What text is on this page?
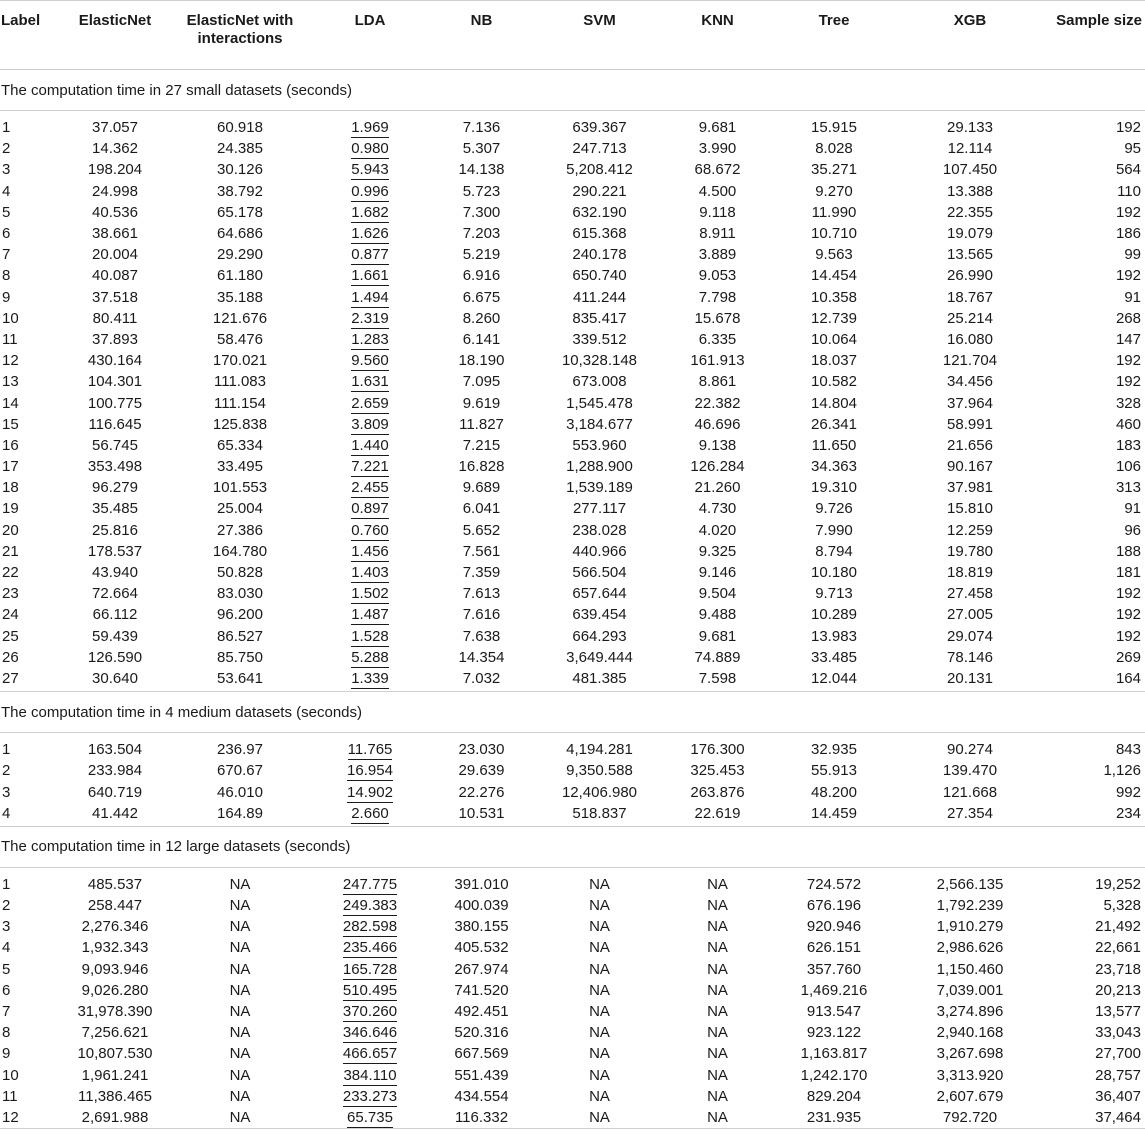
Label	ElasticNet	ElasticNet with interactions	LDA	NB	SVM	KNN	Tree	XGB	Sample size
The computation time in 27 small datasets (seconds)									

1	37.057	60.918	1.969	7.136	639.367	9.681	15.915	29.133	192
2	14.362	24.385	0.980	5.307	247.713	3.990	8.028	12.114	95
3	198.204	30.126	5.943	14.138	5,208.412	68.672	35.271	107.450	564
4	24.998	38.792	0.996	5.723	290.221	4.500	9.270	13.388	110
5	40.536	65.178	1.682	7.300	632.190	9.118	11.990	22.355	192
6	38.661	64.686	1.626	7.203	615.368	8.911	10.710	19.079	186
7	20.004	29.290	0.877	5.219	240.178	3.889	9.563	13.565	99
8	40.087	61.180	1.661	6.916	650.740	9.053	14.454	26.990	192
9	37.518	35.188	1.494	6.675	411.244	7.798	10.358	18.767	91
10	80.411	121.676	2.319	8.260	835.417	15.678	12.739	25.214	268
11	37.893	58.476	1.283	6.141	339.512	6.335	10.064	16.080	147
12	430.164	170.021	9.560	18.190	10,328.148	161.913	18.037	121.704	192
13	104.301	111.083	1.631	7.095	673.008	8.861	10.582	34.456	192
14	100.775	111.154	2.659	9.619	1,545.478	22.382	14.804	37.964	328
15	116.645	125.838	3.809	11.827	3,184.677	46.696	26.341	58.991	460
16	56.745	65.334	1.440	7.215	553.960	9.138	11.650	21.656	183
17	353.498	33.495	7.221	16.828	1,288.900	126.284	34.363	90.167	106
18	96.279	101.553	2.455	9.689	1,539.189	21.260	19.310	37.981	313
19	35.485	25.004	0.897	6.041	277.117	4.730	9.726	15.810	91
20	25.816	27.386	0.760	5.652	238.028	4.020	7.990	12.259	96
21	178.537	164.780	1.456	7.561	440.966	9.325	8.794	19.780	188
22	43.940	50.828	1.403	7.359	566.504	9.146	10.180	18.819	181
23	72.664	83.030	1.502	7.613	657.644	9.504	9.713	27.458	192
24	66.112	96.200	1.487	7.616	639.454	9.488	10.289	27.005	192
25	59.439	86.527	1.528	7.638	664.293	9.681	13.983	29.074	192
26	126.590	85.750	5.288	14.354	3,649.444	74.889	33.485	78.146	269
27	30.640	53.641	1.339	7.032	481.385	7.598	12.044	20.131	164
The computation time in 4 medium datasets (seconds)									

1	163.504	236.97	11.765	23.030	4,194.281	176.300	32.935	90.274	843
2	233.984	670.67	16.954	29.639	9,350.588	325.453	55.913	139.470	1,126
3	640.719	46.010	14.902	22.276	12,406.980	263.876	48.200	121.668	992
4	41.442	164.89	2.660	10.531	518.837	22.619	14.459	27.354	234
The computation time in 12 large datasets (seconds)									

1	485.537	NA	247.775	391.010	NA	NA	724.572	2,566.135	19,252
2	258.447	NA	249.383	400.039	NA	NA	676.196	1,792.239	5,328
3	2,276.346	NA	282.598	380.155	NA	NA	920.946	1,910.279	21,492
4	1,932.343	NA	235.466	405.532	NA	NA	626.151	2,986.626	22,661
5	9,093.946	NA	165.728	267.974	NA	NA	357.760	1,150.460	23,718
6	9,026.280	NA	510.495	741.520	NA	NA	1,469.216	7,039.001	20,213
7	31,978.390	NA	370.260	492.451	NA	NA	913.547	3,274.896	13,577
8	7,256.621	NA	346.646	520.316	NA	NA	923.122	2,940.168	33,043
9	10,807.530	NA	466.657	667.569	NA	NA	1,163.817	3,267.698	27,700
10	1,961.241	NA	384.110	551.439	NA	NA	1,242.170	3,313.920	28,757
11	11,386.465	NA	233.273	434.554	NA	NA	829.204	2,607.679	36,407
12	2,691.988	NA	65.735	116.332	NA	NA	231.935	792.720	37,464
